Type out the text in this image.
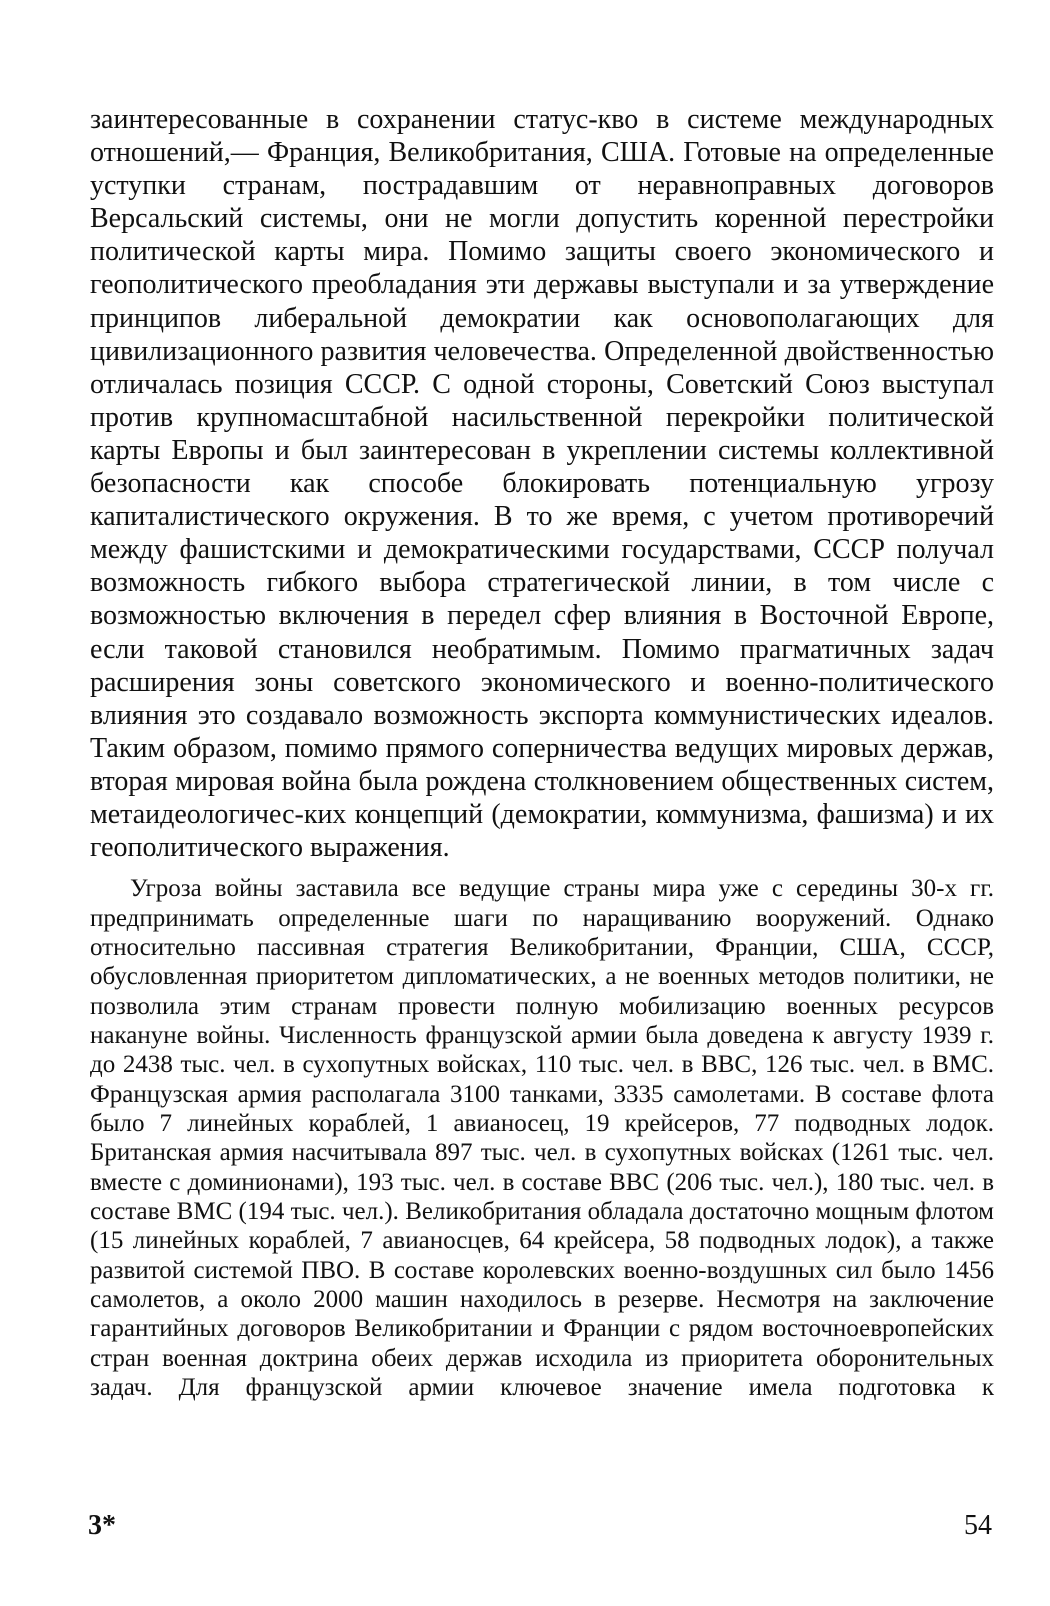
заинтересованные в сохранении статус-кво в системе международных отношений,— Франция, Великобритания, США. Готовые на определенные уступки странам, пострадавшим от неравноправных договоров Версальский системы, они не могли допустить коренной перестройки политической карты мира. Помимо защиты своего экономического и геополитического преобладания эти державы выступали и за утверждение принципов либеральной демократии как основополагающих для цивилизационного развития человечества. Определенной двойственностью отличалась позиция СССР. С одной стороны, Советский Союз выступал против крупномасштабной насильственной перекройки политической карты Европы и был заинтересован в укреплении системы коллективной безопасности как способе блокировать потенциальную угрозу капиталистического окружения. В то же время, с учетом противоречий между фашистскими и демократическими государствами, СССР получал возможность гибкого выбора стратегической линии, в том числе с возможностью включения в передел сфер влияния в Восточной Европе, если таковой становился необратимым. Помимо прагматичных задач расширения зоны советского экономического и военно-политического влияния это создавало возможность экспорта коммунистических идеалов. Таким образом, помимо прямого соперничества ведущих мировых держав, вторая мировая война была рождена столкновением общественных систем, метаидеологичес-ких концепций (демократии, коммунизма, фашизма) и их геополитического выражения.

Угроза войны заставила все ведущие страны мира уже с середины 30-х гг. предпринимать определенные шаги по наращиванию вооружений. Однако относительно пассивная стратегия Великобритании, Франции, США, СССР, обусловленная приоритетом дипломатических, а не военных методов политики, не позволила этим странам провести полную мобилизацию военных ресурсов накануне войны. Численность французской армии была доведена к августу 1939 г. до 2438 тыс. чел. в сухопутных войсках, 110 тыс. чел. в ВВС, 126 тыс. чел. в ВМС. Французская армия располагала 3100 танками, 3335 самолетами. В составе флота было 7 линейных кораблей, 1 авианосец, 19 крейсеров, 77 подводных лодок. Британская армия насчитывала 897 тыс. чел. в сухопутных войсках (1261 тыс. чел. вместе с доминионами), 193 тыс. чел. в составе ВВС (206 тыс. чел.), 180 тыс. чел. в составе ВМС (194 тыс. чел.). Великобритания обладала достаточно мощным флотом (15 линейных кораблей, 7 авианосцев, 64 крейсера, 58 подводных лодок), а также развитой системой ПВО. В составе королевских военно-воздушных сил было 1456 самолетов, а около 2000 машин находилось в резерве. Несмотря на заключение гарантийных договоров Великобритании и Франции с рядом восточноевропейских стран военная доктрина обеих держав исходила из приоритета оборонительных задач. Для французской армии ключевое значение имела подготовка к

3*	54
